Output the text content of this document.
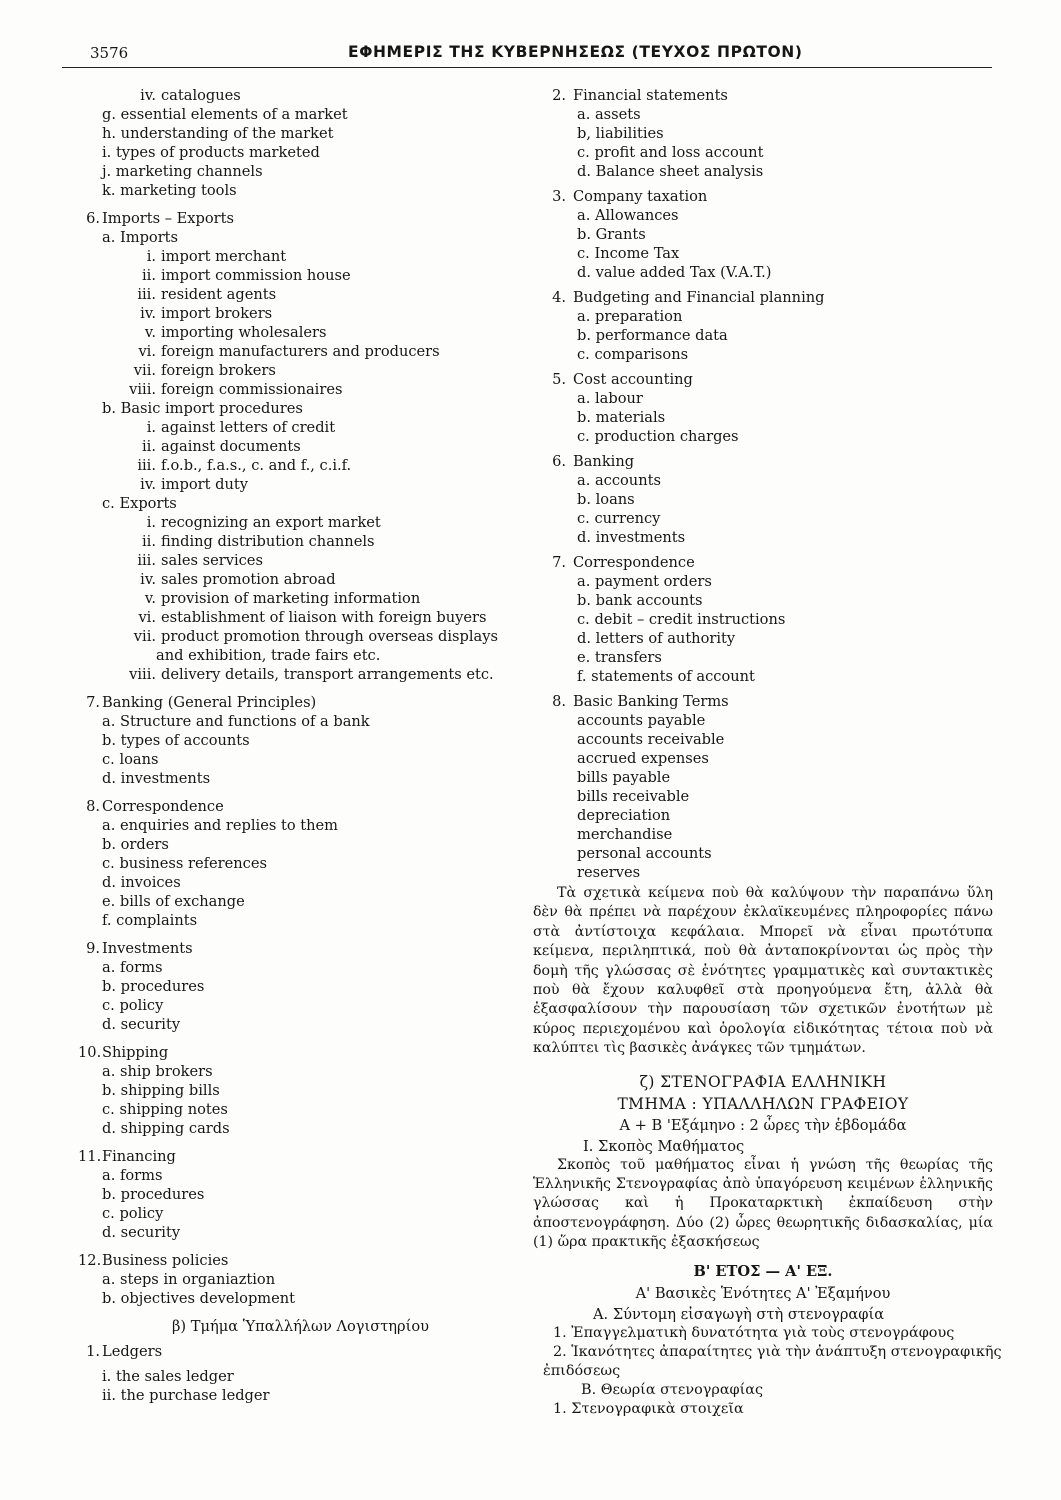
3576	ΕΦΗΜΕΡΙΣ ΤΗΣ ΚΥΒΕΡΝΗΣΕΩΣ (ΤΕΥΧΟΣ ΠΡΩΤΟΝ)
iv. catalogues
g. essential elements of a market
h. understanding of the market
i. types of products marketed
j. marketing channels
k. marketing tools
6. Imports – Exports
a. Imports
i. import merchant
ii. import commission house
iii. resident agents
iv. import brokers
v. importing wholesalers
vi. foreign manufacturers and producers
vii. foreign brokers
viii. foreign commissionaires
b. Basic import procedures
i. against letters of credit
ii. against documents
iii. f.o.b., f.a.s., c. and f., c.i.f.
iv. import duty
c. Exports
i. recognizing an export market
ii. finding distribution channels
iii. sales services
iv. sales promotion abroad
v. provision of marketing information
vi. establishment of liaison with foreign buyers
vii. product promotion through overseas displays
and exhibition, trade fairs etc.
viii. delivery details, transport arrangements etc.
7. Banking (General Principles)
a. Structure and functions of a bank
b. types of accounts
c. loans
d. investments
8. Correspondence
a. enquiries and replies to them
b. orders
c. business references
d. invoices
e. bills of exchange
f. complaints
9. Investments
a. forms
b. procedures
c. policy
d. security
10.Shipping
a. ship brokers
b. shipping bills
c. shipping notes
d. shipping cards
11.Financing
a. forms
b. procedures
c. policy
d. security
12.Business policies
a. steps in organiaztion
b. objectives development
β) Τμήμα Ὑπαλλήλων Λογιστηρίου
1. Ledgers
i. the sales ledger
ii. the purchase ledger
2. Financial statements
a. assets
b, liabilities
c. profit and loss account
d. Balance sheet analysis
3. Company taxation
a. Allowances
b. Grants
c. Income Tax
d. value added Tax (V.A.T.)
4. Budgeting and Financial planning
a. preparation
b. performance data
c. comparisons
5. Cost accounting
a. labour
b. materials
c. production charges
6. Banking
a. accounts
b. loans
c. currency
d. investments
7. Correspondence
a. payment orders
b. bank accounts
c. debit – credit instructions
d. letters of authority
e. transfers
f. statements of account
8. Basic Banking Terms
accounts payable
accounts receivable
accrued expenses
bills payable
bills receivable
depreciation
merchandise
personal accounts
reserves
Τὰ σχετικὰ κείμενα ποὺ θὰ καλύψουν τὴν παραπάνω ὕλη δὲν θὰ πρέπει νὰ παρέχουν ἐκλαϊκευμένες πληροφορίες πάνω στὰ ἀντίστοιχα κεφάλαια. Μπορεῖ νὰ εἶναι πρωτότυπα κείμενα, περιληπτικά, ποὺ θὰ ἀνταποκρίνονται ὡς πρὸς τὴν δομὴ τῆς γλώσσας σὲ ἑνότητες γραμματικὲς καὶ συντακτικὲς ποὺ θὰ ἔχουν καλυφθεῖ στὰ προηγούμενα ἔτη, ἀλλὰ θὰ ἐξασφαλίσουν τὴν παρουσίαση τῶν σχετικῶν ἐνοτήτων μὲ κύρος περιεχομένου καὶ ὁρολογία εἰδικότητας τέτοια ποὺ νὰ καλύπτει τὶς βασικὲς ἀνάγκες τῶν τμημάτων.
ζ) ΣΤΕΝΟΓΡΑΦΙΑ ΕΛΛΗΝΙΚΗ
ΤΜΗΜΑ : ΥΠΑΛΛΗΛΩΝ ΓΡΑΦΕΙΟΥ
Α + Β 'Εξάμηνο : 2 ὧρες τὴν ἑβδομάδα
Ι. Σκοπὸς Μαθήματος
Σκοπὸς τοῦ μαθήματος εἶναι ἡ γνώση τῆς θεωρίας τῆς Ἑλληνικῆς Στενογραφίας ἀπὸ ὑπαγόρευση κειμένων ἑλληνικῆς γλώσσας καὶ ἡ Προκαταρκτικὴ ἐκπαίδευση στὴν ἀποστενογράφηση. Δύο (2) ὧρες θεωρητικῆς διδασκαλίας, μία (1) ὥρα πρακτικῆς ἐξασκήσεως
Β' ΕΤΟΣ — Α' ΕΞ.
Α' Βασικὲς Ἑνότητες Α' Ἐξαμήνου
Α. Σύντομη εἰσαγωγὴ στὴ στενογραφία
1. Ἐπαγγελματικὴ δυνατότητα γιὰ τοὺς στενογράφους
2. Ἱκανότητες ἀπαραίτητες γιὰ τὴν ἀνάπτυξη στενογραφικῆς
ἐπιδόσεως
Β. Θεωρία στενογραφίας
1. Στενογραφικὰ στοιχεῖα
